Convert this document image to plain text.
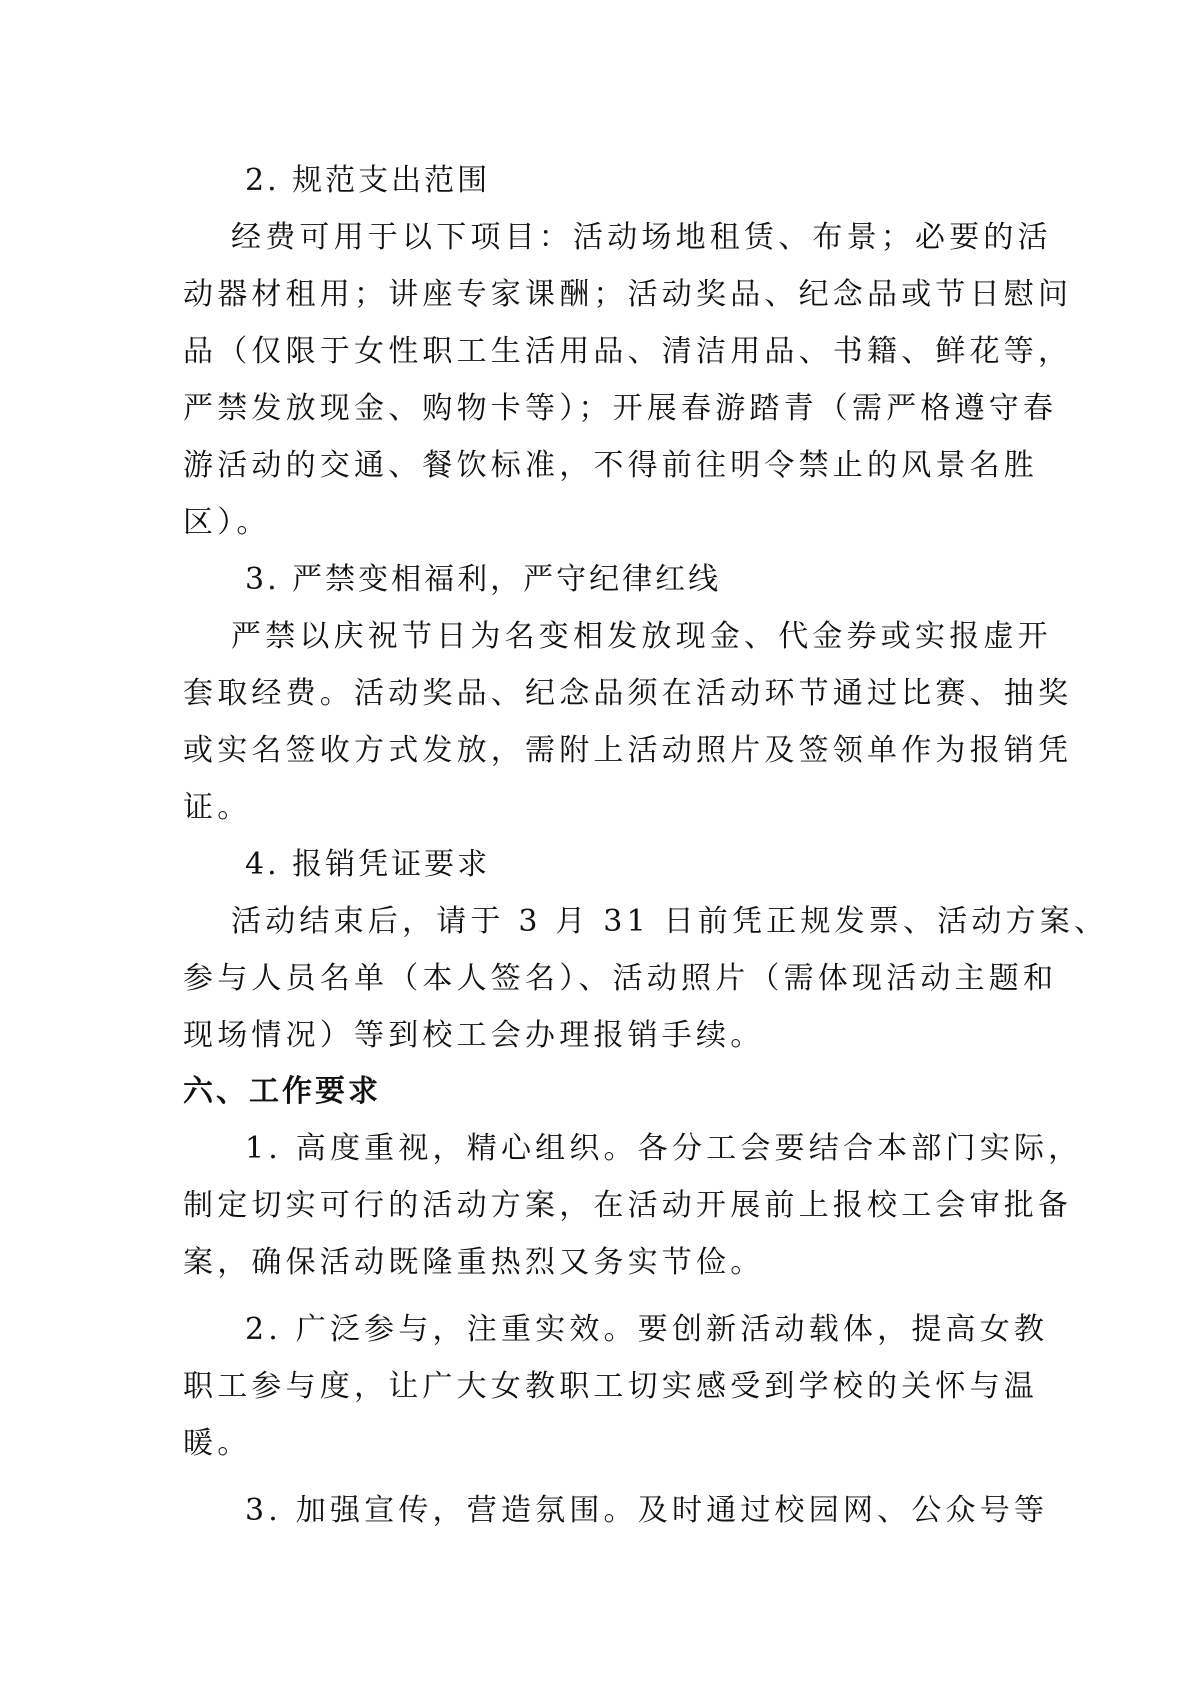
2. 规范支出范围
经费可用于以下项目：活动场地租赁、布景；必要的活
动器材租用；讲座专家课酬；活动奖品、纪念品或节日慰问
品（仅限于女性职工生活用品、清洁用品、书籍、鲜花等，
严禁发放现金、购物卡等）；开展春游踏青（需严格遵守春
游活动的交通、餐饮标准，不得前往明令禁止的风景名胜
区）。
3. 严禁变相福利，严守纪律红线
严禁以庆祝节日为名变相发放现金、代金券或实报虚开
套取经费。活动奖品、纪念品须在活动环节通过比赛、抽奖
或实名签收方式发放，需附上活动照片及签领单作为报销凭
证。
4. 报销凭证要求
活动结束后，请于 3 月 31 日前凭正规发票、活动方案、
参与人员名单（本人签名）、活动照片（需体现活动主题和
现场情况）等到校工会办理报销手续。
六、工作要求
1. 高度重视，精心组织。各分工会要结合本部门实际，
制定切实可行的活动方案，在活动开展前上报校工会审批备
案，确保活动既隆重热烈又务实节俭。
2. 广泛参与，注重实效。要创新活动载体，提高女教
职工参与度，让广大女教职工切实感受到学校的关怀与温
暖。
3. 加强宣传，营造氛围。及时通过校园网、公众号等
